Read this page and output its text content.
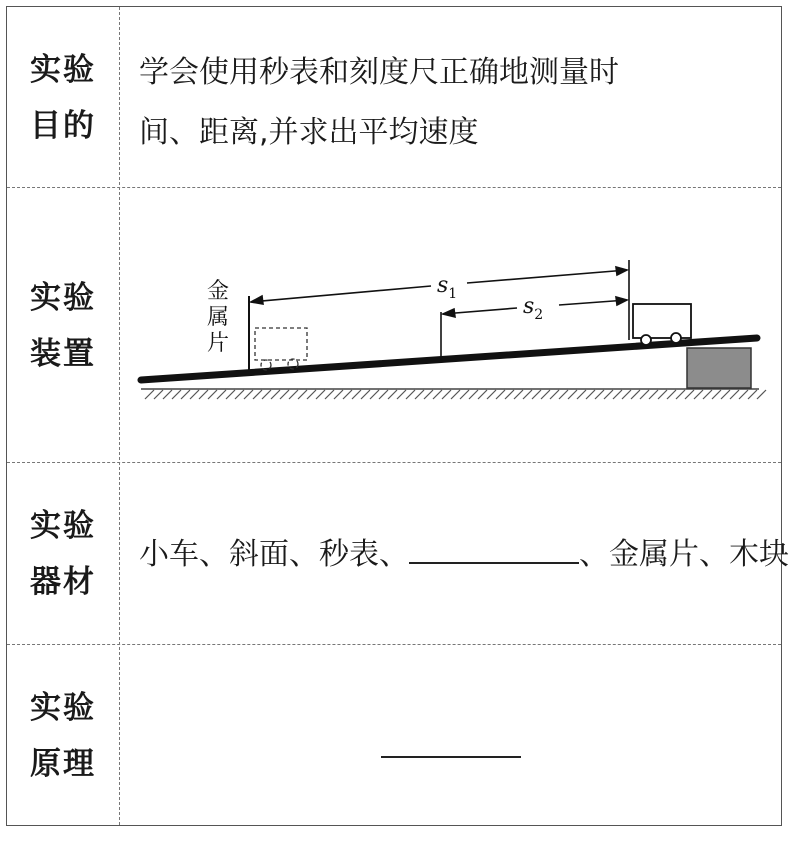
实验
目的
学会使用秒表和刻度尺正确地测量时
间、距离,并求出平均速度
实验
装置
$s_1$	$s_2$
金
属
片
实验
器材
小车、斜面、秒表、	、金属片、木块
实验
原理
